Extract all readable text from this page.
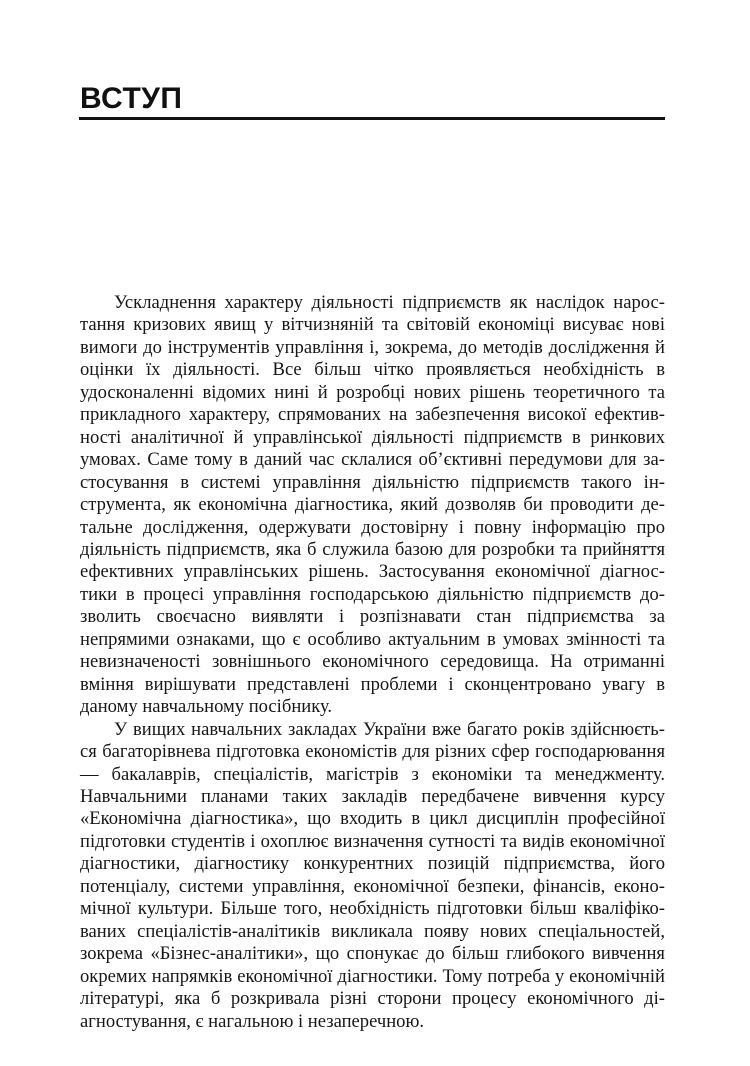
ВСТУП

Ускладнення характеру діяльності підприємств як наслідок наростання кризових явищ у вітчизняній та світовій економіці висуває нові вимоги до інструментів управління і, зокрема, до методів дослідження й оцінки їх діяльності. Все більш чітко проявляється необхідність в удосконаленні відомих нині й розробці нових рішень теоретичного та прикладного характеру, спрямованих на забезпечення високої ефективності аналітичної й управлінської діяльності підприємств в ринкових умовах. Саме тому в даний час склалися об’єктивні передумови для застосування в системі управління діяльністю підприємств такого інструмента, як економічна діагностика, який дозволяв би проводити детальне дослідження, одержувати достовірну і повну інформацію про діяльність підприємств, яка б служила базою для розробки та прийняття ефективних управлінських рішень. Застосування економічної діагностики в процесі управління господарською діяльністю підприємств дозволить своєчасно виявляти і розпізнавати стан підприємства за непрямими ознаками, що є особливо актуальним в умовах змінності та невизначеності зовнішнього економічного середовища. На отриманні вміння вирішувати представлені проблеми і сконцентровано увагу в даному навчальному посібнику.

У вищих навчальних закладах України вже багато років здійснюється багаторівнева підготовка економістів для різних сфер господарювання — бакалаврів, спеціалістів, магістрів з економіки та менеджменту. Навчальними планами таких закладів передбачене вивчення курсу «Економічна діагностика», що входить в цикл дисциплін професійної підготовки студентів і охоплює визначення сутності та видів економічної діагностики, діагностику конкурентних позицій підприємства, його потенціалу, системи управління, економічної безпеки, фінансів, економічної культури. Більше того, необхідність підготовки більш кваліфікованих спеціалістів-аналітиків викликала появу нових спеціальностей, зокрема «Бізнес-аналітики», що спонукає до більш глибокого вивчення окремих напрямків економічної діагностики. Тому потреба у економічній літературі, яка б розкривала різні сторони процесу економічного діагностування, є нагальною і незаперечною.
